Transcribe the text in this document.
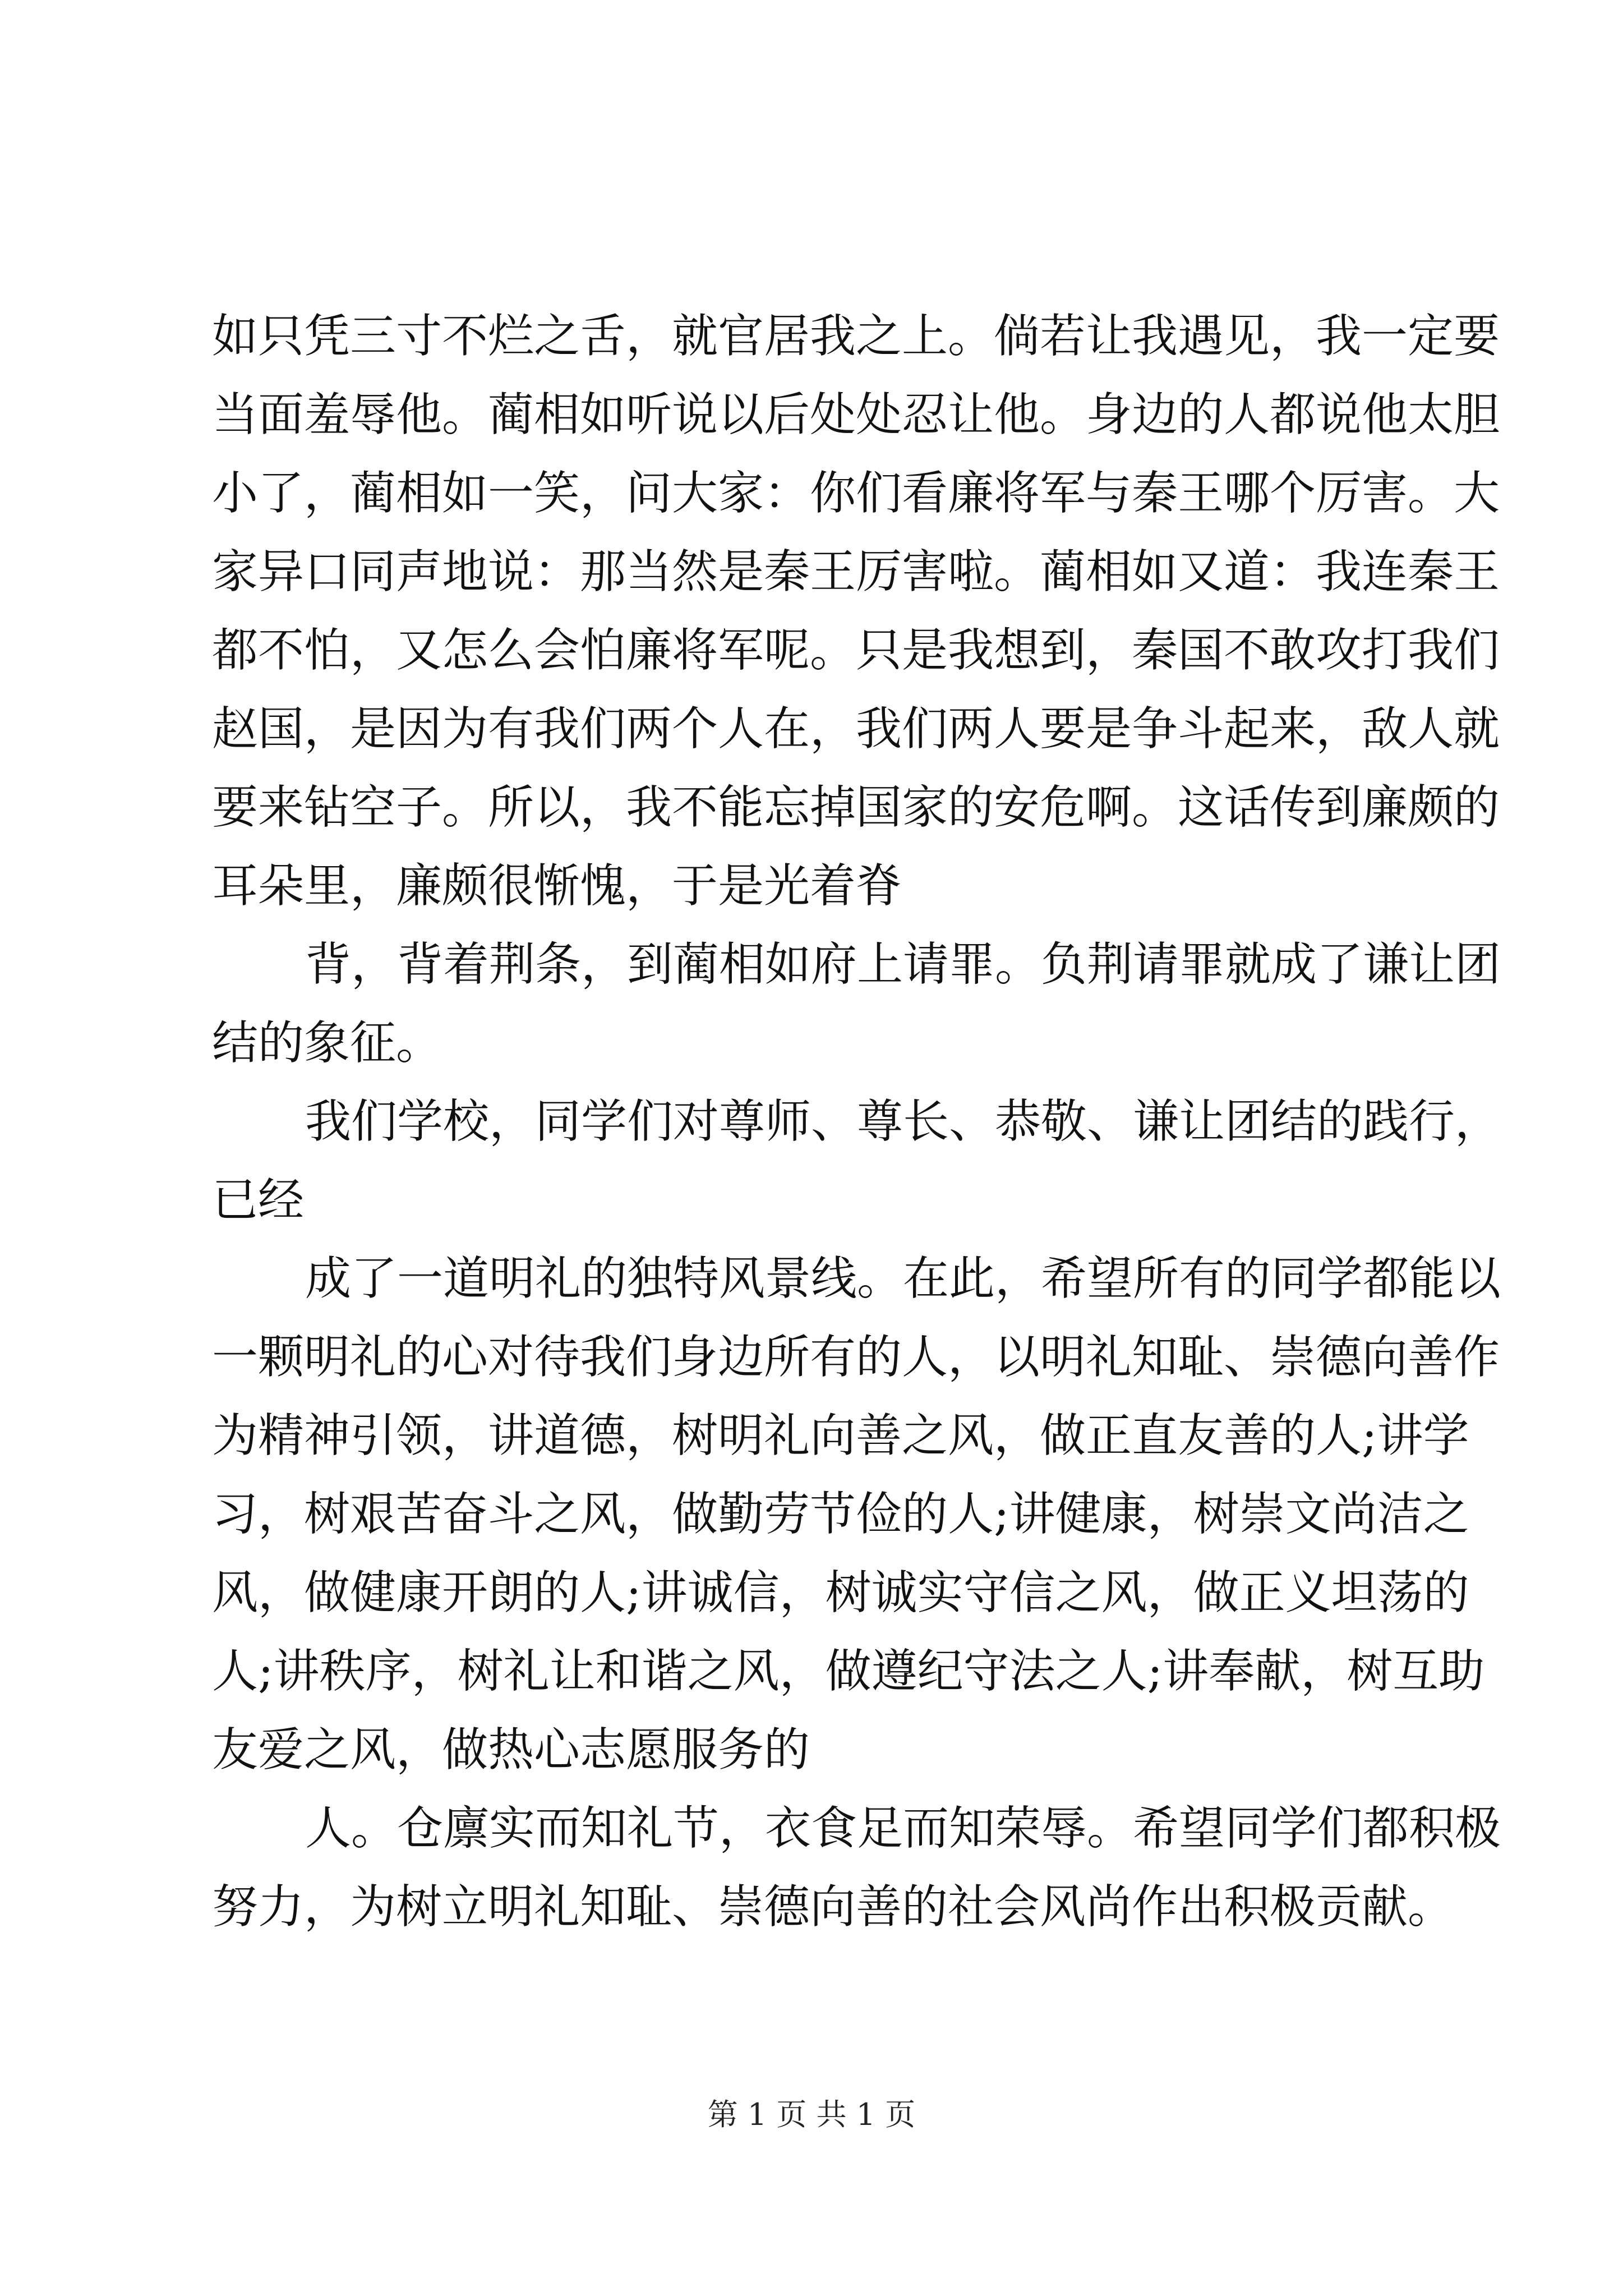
如只凭三寸不烂之舌，就官居我之上。倘若让我遇见，我一定要
当面羞辱他。蔺相如听说以后处处忍让他。身边的人都说他太胆
小了，蔺相如一笑，问大家：你们看廉将军与秦王哪个厉害。大
家异口同声地说：那当然是秦王厉害啦。蔺相如又道：我连秦王
都不怕，又怎么会怕廉将军呢。只是我想到，秦国不敢攻打我们
赵国，是因为有我们两个人在，我们两人要是争斗起来，敌人就
要来钻空子。所以，我不能忘掉国家的安危啊。这话传到廉颇的
耳朵里，廉颇很惭愧，于是光着脊
背，背着荆条，到蔺相如府上请罪。负荆请罪就成了谦让团
结的象征。
我们学校，同学们对尊师、尊长、恭敬、谦让团结的践行，
已经
成了一道明礼的独特风景线。在此，希望所有的同学都能以
一颗明礼的心对待我们身边所有的人，以明礼知耻、崇德向善作
为精神引领，讲道德，树明礼向善之风，做正直友善的人;讲学
习，树艰苦奋斗之风，做勤劳节俭的人;讲健康，树崇文尚洁之
风，做健康开朗的人;讲诚信，树诚实守信之风，做正义坦荡的
人;讲秩序，树礼让和谐之风，做遵纪守法之人;讲奉献，树互助
友爱之风，做热心志愿服务的
人。仓廪实而知礼节，衣食足而知荣辱。希望同学们都积极
努力，为树立明礼知耻、崇德向善的社会风尚作出积极贡献。
第 1 页 共 1 页
